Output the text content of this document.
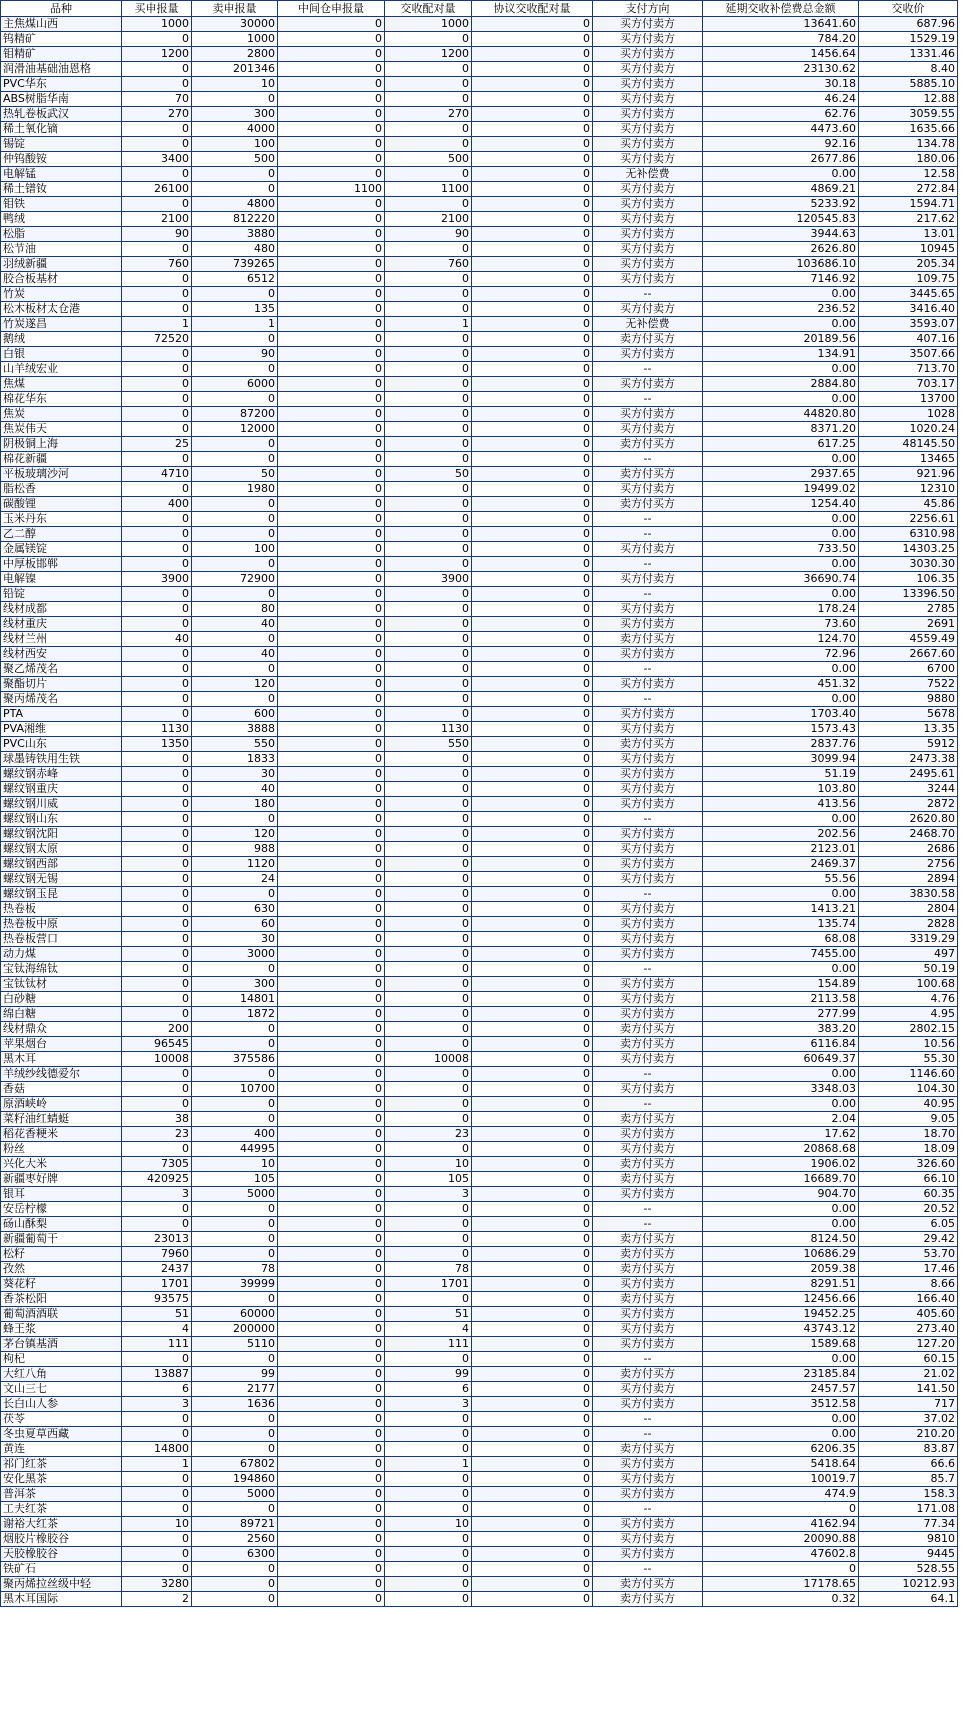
品种	买申报量	卖申报量	中间仓申报量	交收配对量	协议交收配对量	支付方向	延期交收补偿费总金额	交收价
主焦煤山西	1000	30000	0	1000	0	买方付卖方	13641.60	687.96
钨精矿	0	1000	0	0	0	买方付卖方	784.20	1529.19
钼精矿	1200	2800	0	1200	0	买方付卖方	1456.64	1331.46
润滑油基础油恩格	0	201346	0	0	0	买方付卖方	23130.62	8.40
PVC华东	0	10	0	0	0	买方付卖方	30.18	5885.10
ABS树脂华南	70	0	0	0	0	买方付卖方	46.24	12.88
热轧卷板武汉	270	300	0	270	0	买方付卖方	62.76	3059.55
稀土氧化镝	0	4000	0	0	0	买方付卖方	4473.60	1635.66
锡锭	0	100	0	0	0	买方付卖方	92.16	134.78
仲钨酸铵	3400	500	0	500	0	买方付卖方	2677.86	180.06
电解锰	0	0	0	0	0	无补偿费	0.00	12.58
稀土镨钕	26100	0	1100	1100	0	买方付卖方	4869.21	272.84
钼铁	0	4800	0	0	0	买方付卖方	5233.92	1594.71
鸭绒	2100	812220	0	2100	0	买方付卖方	120545.83	217.62
松脂	90	3880	0	90	0	买方付卖方	3944.63	13.01
松节油	0	480	0	0	0	买方付卖方	2626.80	10945
羽绒新疆	760	739265	0	760	0	买方付卖方	103686.10	205.34
胶合板基材	0	6512	0	0	0	买方付卖方	7146.92	109.75
竹炭	0	0	0	0	0	--	0.00	3445.65
松木板材太仓港	0	135	0	0	0	买方付卖方	236.52	3416.40
竹炭遂昌	1	1	0	1	0	无补偿费	0.00	3593.07
鹅绒	72520	0	0	0	0	卖方付买方	20189.56	407.16
白银	0	90	0	0	0	买方付卖方	134.91	3507.66
山羊绒宏业	0	0	0	0	0	--	0.00	713.70
焦煤	0	6000	0	0	0	买方付卖方	2884.80	703.17
棉花华东	0	0	0	0	0	--	0.00	13700
焦炭	0	87200	0	0	0	买方付卖方	44820.80	1028
焦炭伟天	0	12000	0	0	0	买方付卖方	8371.20	1020.24
阴极铜上海	25	0	0	0	0	卖方付买方	617.25	48145.50
棉花新疆	0	0	0	0	0	--	0.00	13465
平板玻璃沙河	4710	50	0	50	0	卖方付买方	2937.65	921.96
脂松香	0	1980	0	0	0	买方付卖方	19499.02	12310
碳酸锂	400	0	0	0	0	卖方付买方	1254.40	45.86
玉米丹东	0	0	0	0	0	--	0.00	2256.61
乙二醇	0	0	0	0	0	--	0.00	6310.98
金属镁锭	0	100	0	0	0	买方付卖方	733.50	14303.25
中厚板邯郸	0	0	0	0	0	--	0.00	3030.30
电解镍	3900	72900	0	3900	0	买方付卖方	36690.74	106.35
铅锭	0	0	0	0	0	--	0.00	13396.50
线材成都	0	80	0	0	0	买方付卖方	178.24	2785
线材重庆	0	40	0	0	0	买方付卖方	73.60	2691
线材兰州	40	0	0	0	0	卖方付买方	124.70	4559.49
线材西安	0	40	0	0	0	买方付卖方	72.96	2667.60
聚乙烯茂名	0	0	0	0	0	--	0.00	6700
聚酯切片	0	120	0	0	0	买方付卖方	451.32	7522
聚丙烯茂名	0	0	0	0	0	--	0.00	9880
PTA	0	600	0	0	0	买方付卖方	1703.40	5678
PVA湘维	1130	3888	0	1130	0	买方付卖方	1573.43	13.35
PVC山东	1350	550	0	550	0	卖方付买方	2837.76	5912
球墨铸铁用生铁	0	1833	0	0	0	买方付卖方	3099.94	2473.38
螺纹钢赤峰	0	30	0	0	0	买方付卖方	51.19	2495.61
螺纹钢重庆	0	40	0	0	0	买方付卖方	103.80	3244
螺纹钢川威	0	180	0	0	0	买方付卖方	413.56	2872
螺纹钢山东	0	0	0	0	0	--	0.00	2620.80
螺纹钢沈阳	0	120	0	0	0	买方付卖方	202.56	2468.70
螺纹钢太原	0	988	0	0	0	买方付卖方	2123.01	2686
螺纹钢西部	0	1120	0	0	0	买方付卖方	2469.37	2756
螺纹钢无锡	0	24	0	0	0	买方付卖方	55.56	2894
螺纹钢玉昆	0	0	0	0	0	--	0.00	3830.58
热卷板	0	630	0	0	0	买方付卖方	1413.21	2804
热卷板中原	0	60	0	0	0	买方付卖方	135.74	2828
热卷板营口	0	30	0	0	0	买方付卖方	68.08	3319.29
动力煤	0	3000	0	0	0	买方付卖方	7455.00	497
宝钛海绵钛	0	0	0	0	0	--	0.00	50.19
宝钛钛材	0	300	0	0	0	买方付卖方	154.89	100.68
白砂糖	0	14801	0	0	0	买方付卖方	2113.58	4.76
绵白糖	0	1872	0	0	0	买方付卖方	277.99	4.95
线材鼎众	200	0	0	0	0	卖方付买方	383.20	2802.15
苹果烟台	96545	0	0	0	0	卖方付买方	6116.84	10.56
黑木耳	10008	375586	0	10008	0	买方付卖方	60649.37	55.30
羊绒纱线德爱尔	0	0	0	0	0	--	0.00	1146.60
香菇	0	10700	0	0	0	买方付卖方	3348.03	104.30
原酒峡岭	0	0	0	0	0	--	0.00	40.95
菜籽油红蜻蜓	38	0	0	0	0	卖方付买方	2.04	9.05
稻花香粳米	23	400	0	23	0	买方付卖方	17.62	18.70
粉丝	0	44995	0	0	0	买方付卖方	20868.68	18.09
兴化大米	7305	10	0	10	0	卖方付买方	1906.02	326.60
新疆枣好牌	420925	105	0	105	0	卖方付买方	16689.70	66.10
银耳	3	5000	0	3	0	买方付卖方	904.70	60.35
安岳柠檬	0	0	0	0	0	--	0.00	20.52
砀山酥梨	0	0	0	0	0	--	0.00	6.05
新疆葡萄干	23013	0	0	0	0	卖方付买方	8124.50	29.42
松籽	7960	0	0	0	0	卖方付买方	10686.29	53.70
孜然	2437	78	0	78	0	卖方付买方	2059.38	17.46
葵花籽	1701	39999	0	1701	0	买方付卖方	8291.51	8.66
香茶松阳	93575	0	0	0	0	卖方付买方	12456.66	166.40
葡萄酒酒联	51	60000	0	51	0	买方付卖方	19452.25	405.60
蜂王浆	4	200000	0	4	0	买方付卖方	43743.12	273.40
茅台镇基酒	111	5110	0	111	0	买方付卖方	1589.68	127.20
枸杞	0	0	0	0	0	--	0.00	60.15
大红八角	13887	99	0	99	0	卖方付买方	23185.84	21.02
文山三七	6	2177	0	6	0	买方付卖方	2457.57	141.50
长白山人参	3	1636	0	3	0	买方付卖方	3512.58	717
茯苓	0	0	0	0	0	--	0.00	37.02
冬虫夏草西藏	0	0	0	0	0	--	0.00	210.20
黄连	14800	0	0	0	0	卖方付买方	6206.35	83.87
祁门红茶	1	67802	0	1	0	买方付卖方	5418.64	66.6
安化黑茶	0	194860	0	0	0	买方付卖方	10019.7	85.7
普洱茶	0	5000	0	0	0	买方付卖方	474.9	158.3
工夫红茶	0	0	0	0	0	--	0	171.08
谢裕大红茶	10	89721	0	10	0	买方付卖方	4162.94	77.34
烟胶片橡胶谷	0	2560	0	0	0	买方付卖方	20090.88	9810
天胶橡胶谷	0	6300	0	0	0	买方付卖方	47602.8	9445
铁矿石	0	0	0	0	0	--	0	528.55
聚丙烯拉丝级中轻	3280	0	0	0	0	卖方付买方	17178.65	10212.93
黑木耳国际	2	0	0	0	0	卖方付买方	0.32	64.1
